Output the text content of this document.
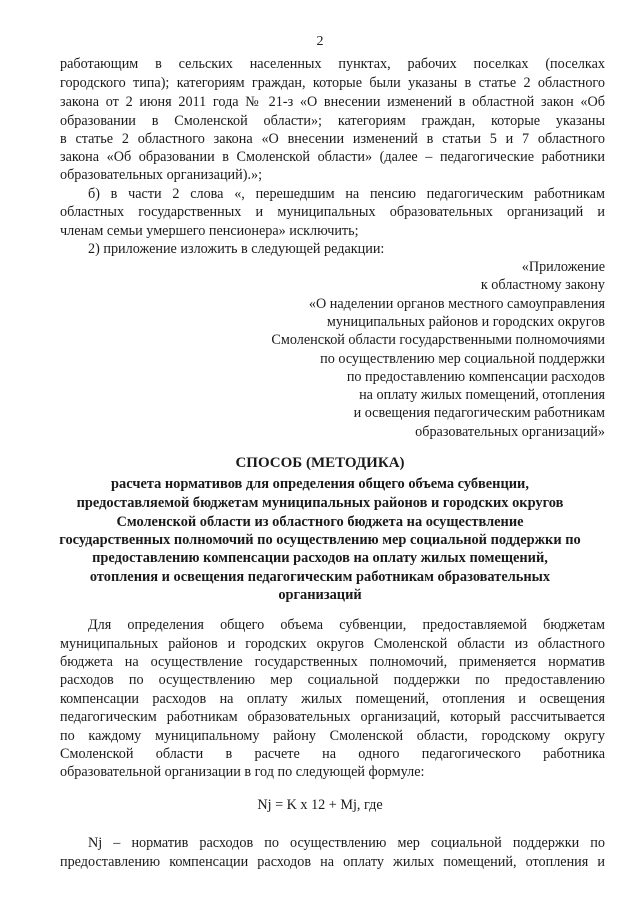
2
работающим в сельских населенных пунктах, рабочих поселках (поселках
городского типа); категориям граждан, которые были указаны в статье 2 областного
закона от 2 июня 2011 года № 21-з «О внесении изменений в областной закон «Об
образовании в Смоленской области»; категориям граждан, которые указаны
в статье 2 областного закона «О внесении изменений в статьи 5 и 7 областного
закона «Об образовании в Смоленской области» (далее – педагогические работники
образовательных организаций).»;
б) в части 2 слова «, перешедшим на пенсию педагогическим работникам
областных государственных и муниципальных образовательных организаций и
членам семьи умершего пенсионера» исключить;
2) приложение изложить в следующей редакции:
«Приложение
к областному закону
«О наделении органов местного самоуправления
муниципальных районов и городских округов
Смоленской области государственными полномочиями
по осуществлению мер социальной поддержки
по предоставлению компенсации расходов
на оплату жилых помещений, отопления
и освещения педагогическим работникам
образовательных организаций»
СПОСОБ (МЕТОДИКА)
расчета нормативов для определения общего объема субвенции,
предоставляемой бюджетам муниципальных районов и городских округов
Смоленской области из областного бюджета на осуществление
государственных полномочий по осуществлению мер социальной поддержки по
предоставлению компенсации расходов на оплату жилых помещений,
отопления и освещения педагогическим работникам образовательных
организаций
Для определения общего объема субвенции, предоставляемой бюджетам
муниципальных районов и городских округов Смоленской области из областного
бюджета на осуществление государственных полномочий, применяется норматив
расходов по осуществлению мер социальной поддержки по предоставлению
компенсации расходов на оплату жилых помещений, отопления и освещения
педагогическим работникам образовательных организаций, который рассчитывается
по каждому муниципальному району Смоленской области, городскому округу
Смоленской области в расчете на одного педагогического работника
образовательной организации в год по следующей формуле:
Nj = K x 12 + Mj, где
Nj – норматив расходов по осуществлению мер социальной поддержки по
предоставлению компенсации расходов на оплату жилых помещений, отопления и
